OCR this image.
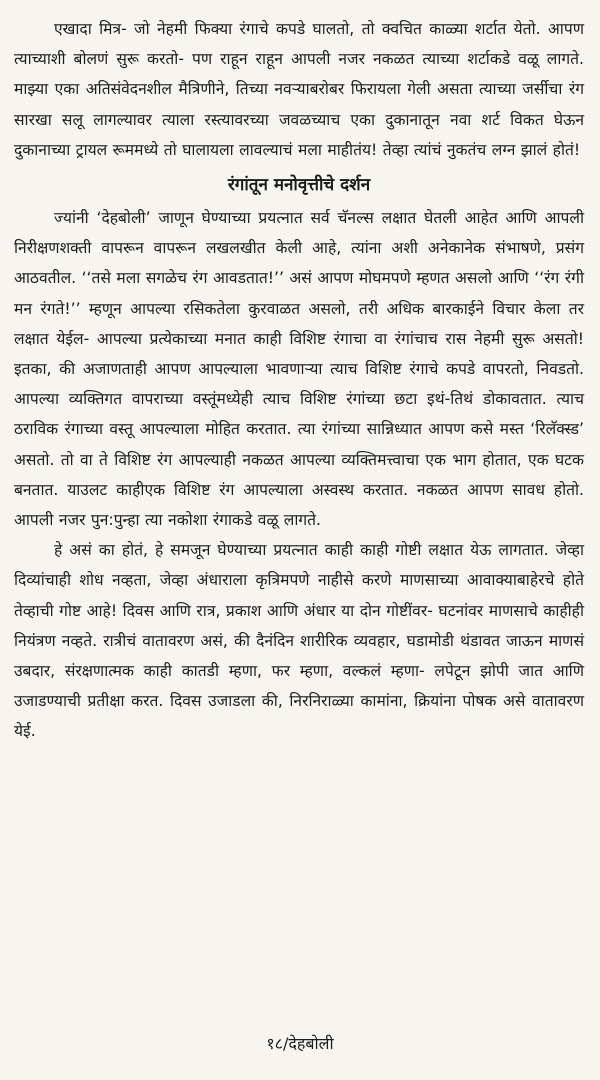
एखादा मित्र- जो नेहमी फिक्या रंगाचे कपडे घालतो, तो क्वचित काळ्या शर्टात येतो. आपण त्याच्याशी बोलणं सुरू करतो- पण राहून राहून आपली नजर नकळत त्याच्या शर्टाकडे वळू लागते. माझ्या एका अतिसंवेदनशील मैत्रिणीने, तिच्या नवऱ्याबरोबर फिरायला गेली असता त्याच्या जर्सीचा रंग सारखा सलू लागल्यावर त्याला रस्त्यावरच्या जवळच्याच एका दुकानातून नवा शर्ट विकत घेऊन दुकानाच्या ट्रायल रूममध्ये तो घालायला लावल्याचं मला माहीतंय! तेव्हा त्यांचं नुकतंच लग्न झालं होतं!

रंगांतून मनोवृत्तीचे दर्शन

ज्यांनी ‘देहबोली’ जाणून घेण्याच्या प्रयत्नात सर्व चॅनल्स लक्षात घेतली आहेत आणि आपली निरीक्षणशक्ती वापरून वापरून लखलखीत केली आहे, त्यांना अशी अनेकानेक संभाषणे, प्रसंग आठवतील. ‘‘तसे मला सगळेच रंग आवडतात!’’ असं आपण मोघमपणे म्हणत असलो आणि ‘‘रंग रंगी मन रंगते!’’ म्हणून आपल्या रसिकतेला कुरवाळत असलो, तरी अधिक बारकाईने विचार केला तर लक्षात येईल- आपल्या प्रत्येकाच्या मनात काही विशिष्ट रंगाचा वा रंगांचाच रास नेहमी सुरू असतो! इतका, की अजाणताही आपण आपल्याला भावणाऱ्या त्याच विशिष्ट रंगाचे कपडे वापरतो, निवडतो. आपल्या व्यक्तिगत वापराच्या वस्तूंमध्येही त्याच विशिष्ट रंगांच्या छटा इथं-तिथं डोकावतात. त्याच ठराविक रंगाच्या वस्तू आपल्याला मोहित करतात. त्या रंगांच्या सान्निध्यात आपण कसे मस्त ‘रिलॅक्स्ड’ असतो. तो वा ते विशिष्ट रंग आपल्याही नकळत आपल्या व्यक्तिमत्त्वाचा एक भाग होतात, एक घटक बनतात. याउलट काहीएक विशिष्ट रंग आपल्याला अस्वस्थ करतात. नकळत आपण सावध होतो. आपली नजर पुन:पुन्हा त्या नकोशा रंगाकडे वळू लागते.

हे असं का होतं, हे समजून घेण्याच्या प्रयत्नात काही काही गोष्टी लक्षात येऊ लागतात. जेव्हा दिव्यांचाही शोध नव्हता, जेव्हा अंधाराला कृत्रिमपणे नाहीसे करणे माणसाच्या आवाक्याबाहेरचे होते तेव्हाची गोष्ट आहे! दिवस आणि रात्र, प्रकाश आणि अंधार या दोन गोष्टींवर- घटनांवर माणसाचे काहीही नियंत्रण नव्हते. रात्रीचं वातावरण असं, की दैनंदिन शारीरिक व्यवहार, घडामोडी थंडावत जाऊन माणसं उबदार, संरक्षणात्मक काही कातडी म्हणा, फर म्हणा, वल्कलं म्हणा- लपेटून झोपी जात आणि उजाडण्याची प्रतीक्षा करत. दिवस उजाडला की, निरनिराळ्या कामांना, क्रियांना पोषक असे वातावरण येई.

१८/देहबोली
